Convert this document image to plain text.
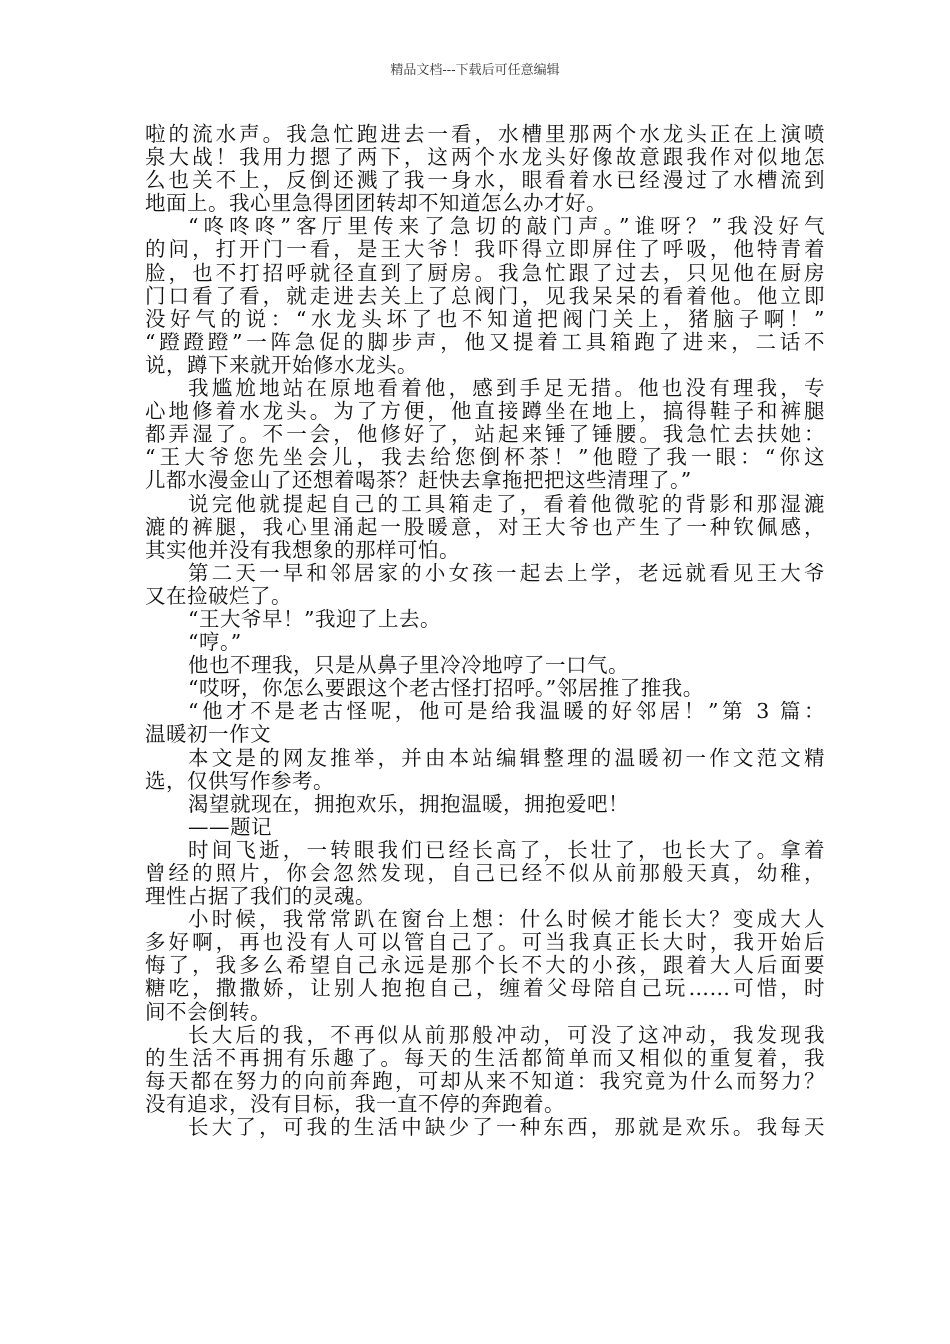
精品文档---下载后可任意编辑
啦的流水声。我急忙跑进去一看，水槽里那两个水龙头正在上演喷
泉大战！我用力摁了两下，这两个水龙头好像故意跟我作对似地怎
么也关不上，反倒还溅了我一身水，眼看着水已经漫过了水槽流到
地面上。我心里急得团团转却不知道怎么办才好。
“咚咚咚”客厅里传来了急切的敲门声。”谁呀？”我没好气
的问，打开门一看，是王大爷！我吓得立即屏住了呼吸，他特青着
脸，也不打招呼就径直到了厨房。我急忙跟了过去，只见他在厨房
门口看了看，就走进去关上了总阀门，见我呆呆的看着他。他立即
没好气的说：“水龙头坏了也不知道把阀门关上，猪脑子啊！”
“蹬蹬蹬”一阵急促的脚步声，他又提着工具箱跑了进来，二话不
说，蹲下来就开始修水龙头。
我尴尬地站在原地看着他，感到手足无措。他也没有理我，专
心地修着水龙头。为了方便，他直接蹲坐在地上，搞得鞋子和裤腿
都弄湿了。不一会，他修好了，站起来锤了锤腰。我急忙去扶她：
“王大爷您先坐会儿，我去给您倒杯茶！”他瞪了我一眼：“你这
儿都水漫金山了还想着喝茶？赶快去拿拖把把这些清理了。”
说完他就提起自己的工具箱走了，看着他微驼的背影和那湿漉
漉的裤腿，我心里涌起一股暖意，对王大爷也产生了一种钦佩感，
其实他并没有我想象的那样可怕。
第二天一早和邻居家的小女孩一起去上学，老远就看见王大爷
又在捡破烂了。
“王大爷早！”我迎了上去。
“哼。”
他也不理我，只是从鼻子里冷冷地哼了一口气。
“哎呀，你怎么要跟这个老古怪打招呼。”邻居推了推我。
“他才不是老古怪呢，他可是给我温暖的好邻居！”第 3 篇：
温暖初一作文
本文是的网友推举，并由本站编辑整理的温暖初一作文范文精
选，仅供写作参考。
渴望就现在，拥抱欢乐，拥抱温暖，拥抱爱吧！
——题记
时间飞逝，一转眼我们已经长高了，长壮了，也长大了。拿着
曾经的照片，你会忽然发现，自己已经不似从前那般天真，幼稚，
理性占据了我们的灵魂。
小时候，我常常趴在窗台上想：什么时候才能长大？变成大人
多好啊，再也没有人可以管自己了。可当我真正长大时，我开始后
悔了，我多么希望自己永远是那个长不大的小孩，跟着大人后面要
糖吃，撒撒娇，让别人抱抱自己，缠着父母陪自己玩……可惜，时
间不会倒转。
长大后的我，不再似从前那般冲动，可没了这冲动，我发现我
的生活不再拥有乐趣了。每天的生活都简单而又相似的重复着，我
每天都在努力的向前奔跑，可却从来不知道：我究竟为什么而努力？
没有追求，没有目标，我一直不停的奔跑着。
长大了，可我的生活中缺少了一种东西，那就是欢乐。我每天
